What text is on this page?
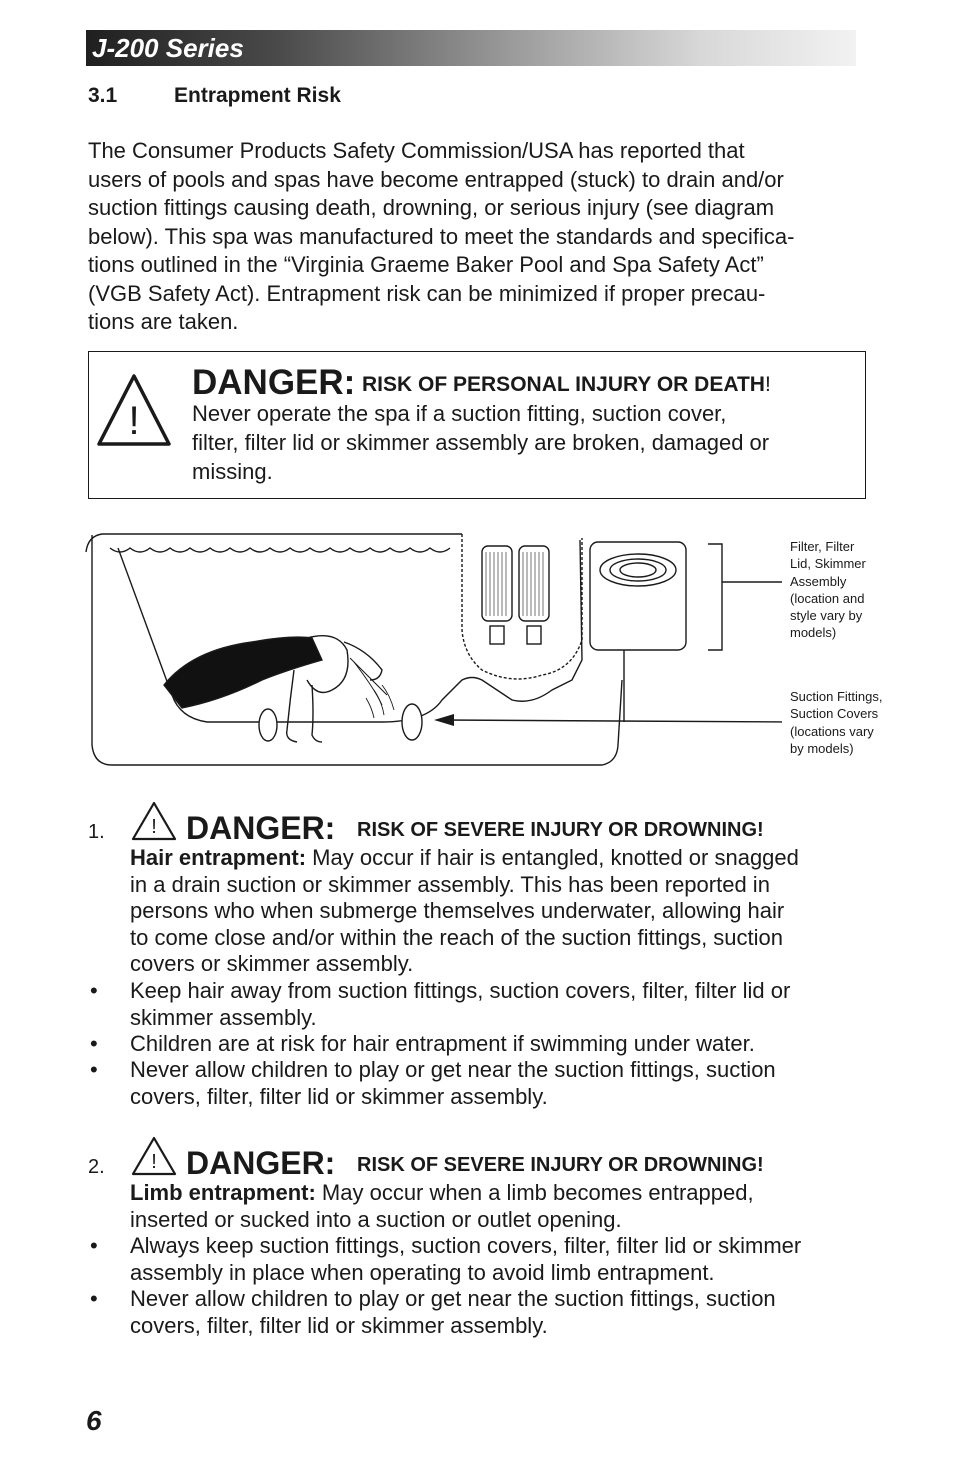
J-200 Series
3.1	Entrapment Risk
The Consumer Products Safety Commission/USA has reported that
users of pools and spas have become entrapped (stuck) to drain and/or
suction fittings causing death, drowning, or serious injury (see diagram
below). This spa was manufactured to meet the standards and specifica-
tions outlined in the “Virginia Graeme Baker Pool and Spa Safety Act”
(VGB Safety Act). Entrapment risk can be minimized if proper precau-
tions are taken.
!
DANGER: RISK OF PERSONAL INJURY OR DEATH!
Never operate the spa if a suction fitting, suction cover,
filter, filter lid or skimmer assembly are broken, damaged or
missing.
Filter, Filter
Lid, Skimmer
Assembly
(location and
style vary by
models)
Suction Fittings,
Suction Covers
(locations vary
by models)
1. ! DANGER: RISK OF SEVERE INJURY OR DROWNING!
Hair entrapment: May occur if hair is entangled, knotted or snagged
in a drain suction or skimmer assembly. This has been reported in
persons who when submerge themselves underwater, allowing hair
to come close and/or within the reach of the suction fittings, suction
covers or skimmer assembly.
• Keep hair away from suction fittings, suction covers, filter, filter lid or
skimmer assembly.
• Children are at risk for hair entrapment if swimming under water.
• Never allow children to play or get near the suction fittings, suction
covers, filter, filter lid or skimmer assembly.
2. ! DANGER: RISK OF SEVERE INJURY OR DROWNING!
Limb entrapment: May occur when a limb becomes entrapped,
inserted or sucked into a suction or outlet opening.
• Always keep suction fittings, suction covers, filter, filter lid or skimmer
assembly in place when operating to avoid limb entrapment.
• Never allow children to play or get near the suction fittings, suction
covers, filter, filter lid or skimmer assembly.
6
